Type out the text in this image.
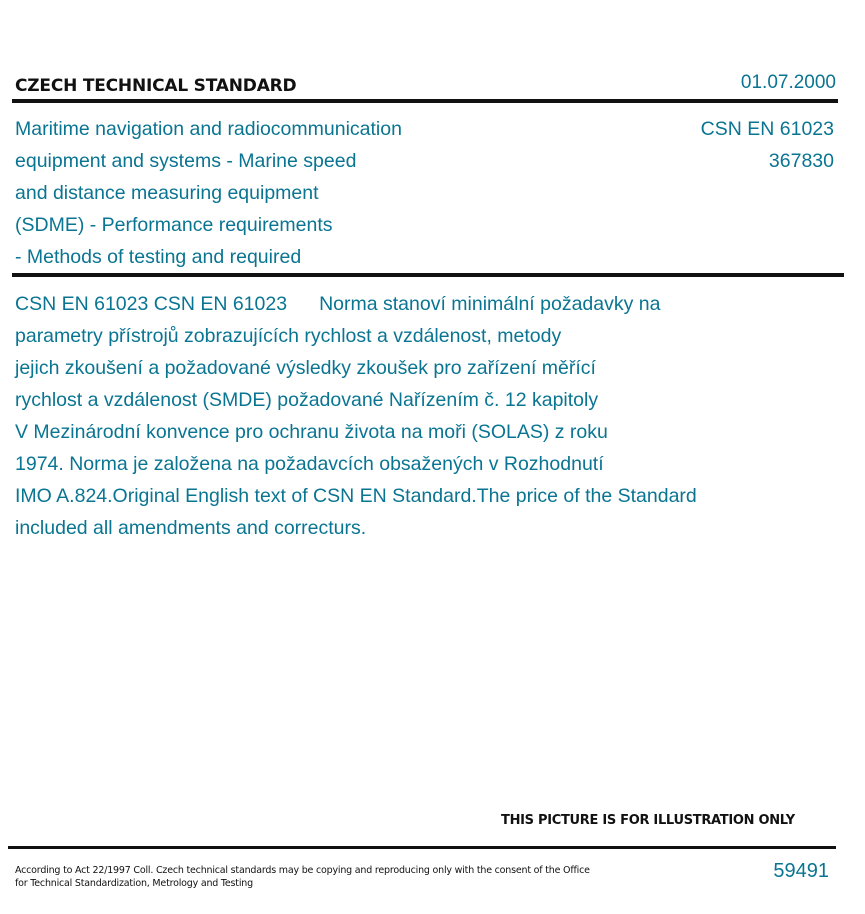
CZECH TECHNICAL STANDARD	01.07.2000
Maritime navigation and radiocommunication
equipment and systems - Marine speed
and distance measuring equipment
(SDME) - Performance requirements
- Methods of testing and required
CSN EN 61023
367830
CSN EN 61023 CSN EN 61023 Norma stanoví minimální požadavky na
parametry přístrojů zobrazujících rychlost a vzdálenost, metody
jejich zkoušení a požadované výsledky zkoušek pro zařízení měřící
rychlost a vzdálenost (SMDE) požadované Nařízením č. 12 kapitoly
V Mezinárodní konvence pro ochranu života na moři (SOLAS) z roku
1974. Norma je založena na požadavcích obsažených v Rozhodnutí
IMO A.824.Original English text of CSN EN Standard.The price of the Standard
included all amendments and correcturs.
THIS PICTURE IS FOR ILLUSTRATION ONLY
According to Act 22/1997 Coll. Czech technical standards may be copying and reproducing only with the consent of the Office
for Technical Standardization, Metrology and Testing
59491
